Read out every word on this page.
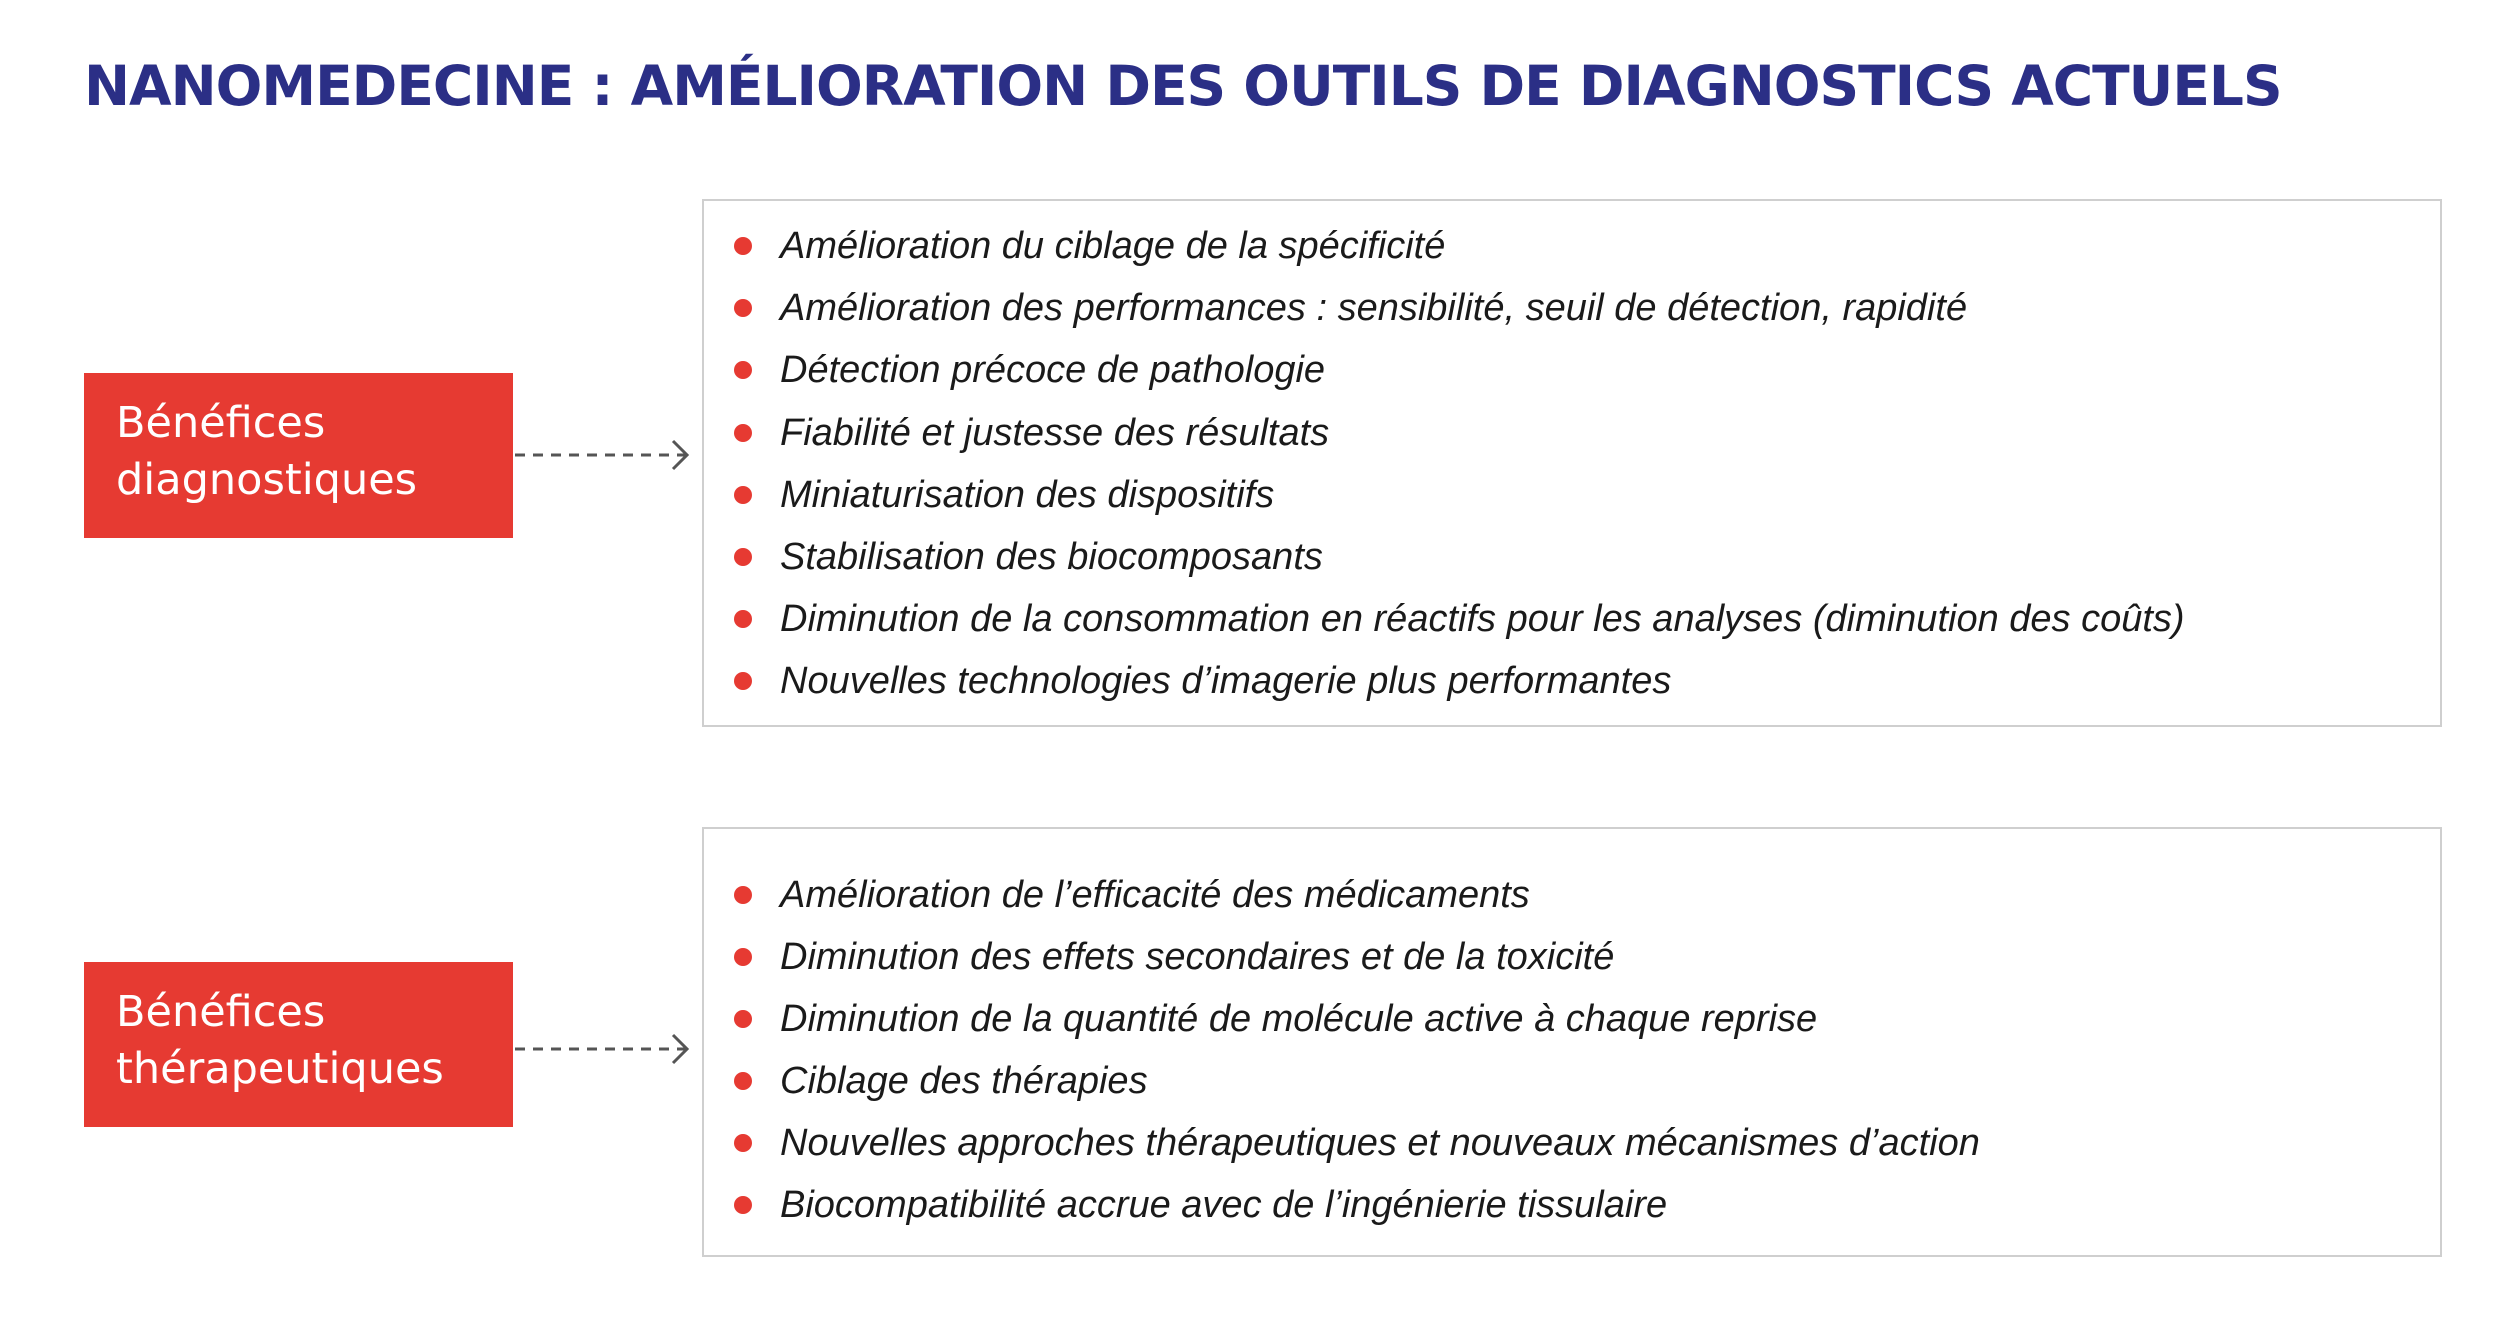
NANOMEDECINE : AMÉLIORATION DES OUTILS DE DIAGNOSTICS ACTUELS
Bénéfices
diagnostiques
Amélioration du ciblage de la spécificité
Amélioration des performances : sensibilité, seuil de détection, rapidité
Détection précoce de pathologie
Fiabilité et justesse des résultats
Miniaturisation des dispositifs
Stabilisation des biocomposants
Diminution de la consommation en réactifs pour les analyses (diminution des coûts)
Nouvelles technologies d’imagerie plus performantes
Bénéfices
thérapeutiques
Amélioration de l’efficacité des médicaments
Diminution des effets secondaires et de la toxicité
Diminution de la quantité de molécule active à chaque reprise
Ciblage des thérapies
Nouvelles approches thérapeutiques et nouveaux mécanismes d’action
Biocompatibilité accrue avec de l’ingénierie tissulaire
